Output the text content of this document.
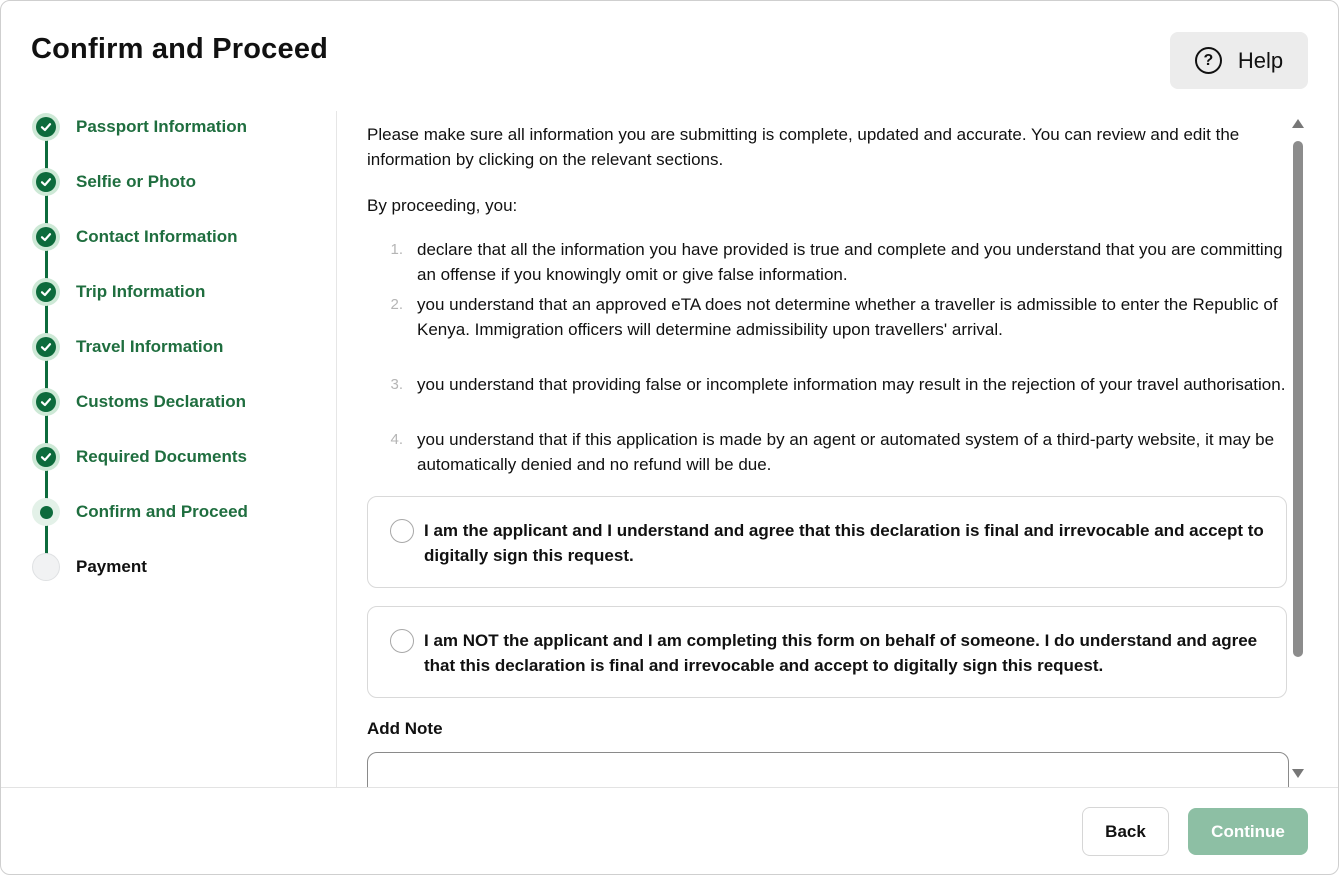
Confirm and Proceed	?	Help
Passport Information
Selfie or Photo
Contact Information
Trip Information
Travel Information
Customs Declaration
Required Documents
Confirm and Proceed
Payment
Please make sure all information you are submitting is complete, updated and accurate. You can review and edit the information by clicking on the relevant sections.
By proceeding, you:
1. declare that all the information you have provided is true and complete and you understand that you are committing an offense if you knowingly omit or give false information.
2. you understand that an approved eTA does not determine whether a traveller is admissible to enter the Republic of Kenya. Immigration officers will determine admissibility upon travellers' arrival.
3. you understand that providing false or incomplete information may result in the rejection of your travel authorisation.
4. you understand that if this application is made by an agent or automated system of a third-party website, it may be automatically denied and no refund will be due.
I am the applicant and I understand and agree that this declaration is final and irrevocable and accept to digitally sign this request.
I am NOT the applicant and I am completing this form on behalf of someone. I do understand and agree that this declaration is final and irrevocable and accept to digitally sign this request.
Add Note
Back	Continue
